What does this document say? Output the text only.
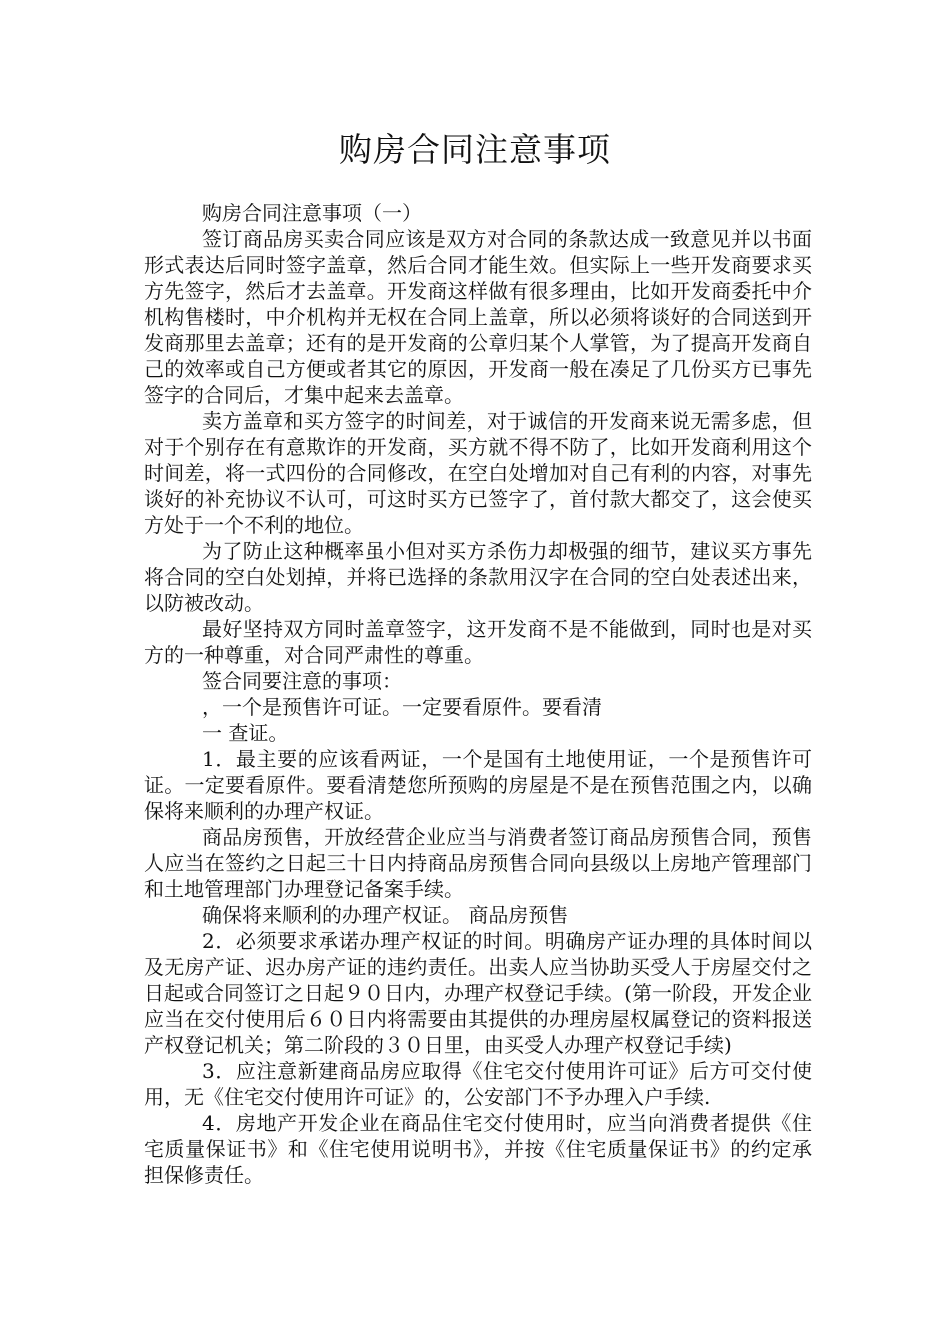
购房合同注意事项

购房合同注意事项（一）

签订商品房买卖合同应该是双方对合同的条款达成一致意见并以书面形式表达后同时签字盖章，然后合同才能生效。但实际上一些开发商要求买方先签字，然后才去盖章。开发商这样做有很多理由，比如开发商委托中介机构售楼时，中介机构并无权在合同上盖章，所以必须将谈好的合同送到开发商那里去盖章；还有的是开发商的公章归某个人掌管，为了提高开发商自己的效率或自己方便或者其它的原因，开发商一般在凑足了几份买方已事先签字的合同后，才集中起来去盖章。

卖方盖章和买方签字的时间差，对于诚信的开发商来说无需多虑，但对于个别存在有意欺诈的开发商，买方就不得不防了，比如开发商利用这个时间差，将一式四份的合同修改，在空白处增加对自己有利的内容，对事先谈好的补充协议不认可，可这时买方已签字了，首付款大都交了，这会使买方处于一个不利的地位。

为了防止这种概率虽小但对买方杀伤力却极强的细节，建议买方事先将合同的空白处划掉，并将已选择的条款用汉字在合同的空白处表述出来，以防被改动。

最好坚持双方同时盖章签字，这开发商不是不能做到，同时也是对买方的一种尊重，对合同严肃性的尊重。

签合同要注意的事项：

，一个是预售许可证。一定要看原件。要看清

一 查证。

1．最主要的应该看两证，一个是国有土地使用证，一个是预售许可证。一定要看原件。要看清楚您所预购的房屋是不是在预售范围之内，以确保将来顺利的办理产权证。

商品房预售，开放经营企业应当与消费者签订商品房预售合同，预售人应当在签约之日起三十日内持商品房预售合同向县级以上房地产管理部门和土地管理部门办理登记备案手续。

确保将来顺利的办理产权证。 商品房预售

2．必须要求承诺办理产权证的时间。明确房产证办理的具体时间以及无房产证、迟办房产证的违约责任。出卖人应当协助买受人于房屋交付之日起或合同签订之日起９０日内，办理产权登记手续。(第一阶段，开发企业应当在交付使用后６０日内将需要由其提供的办理房屋权属登记的资料报送产权登记机关；第二阶段的３０日里，由买受人办理产权登记手续)

3．应注意新建商品房应取得《住宅交付使用许可证》后方可交付使用，无《住宅交付使用许可证》的，公安部门不予办理入户手续.

4．房地产开发企业在商品住宅交付使用时，应当向消费者提供《住宅质量保证书》和《住宅使用说明书》，并按《住宅质量保证书》的约定承担保修责任。
